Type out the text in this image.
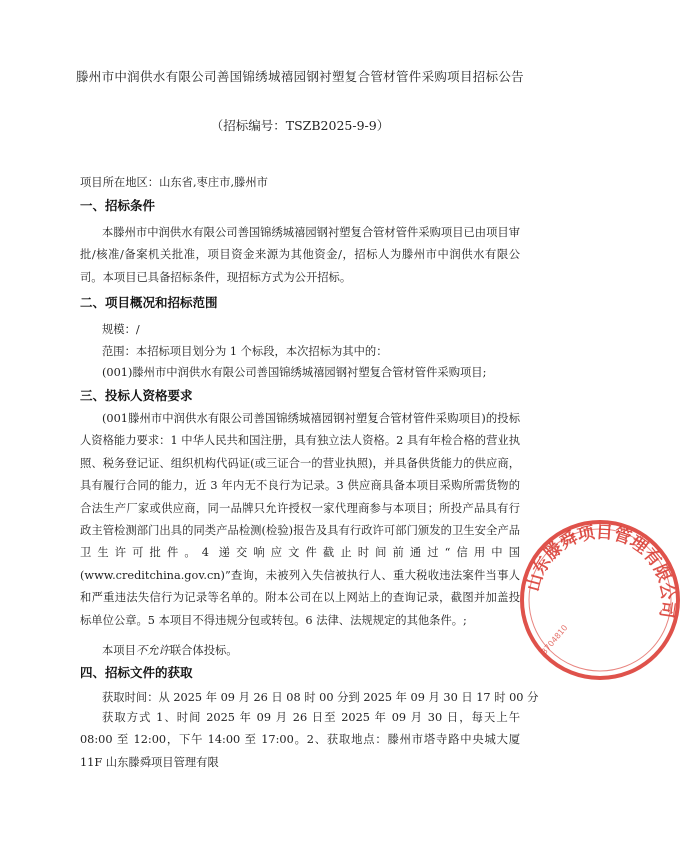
滕州市中润供水有限公司善国锦绣城禧园钢衬塑复合管材管件采购项目招标公告
（招标编号：TSZB2025-9-9）
项目所在地区：山东省,枣庄市,滕州市
一、招标条件
本滕州市中润供水有限公司善国锦绣城禧园钢衬塑复合管材管件采购项目已由项目审批/核准/备案机关批准，项目资金来源为其他资金/，招标人为滕州市中润供水有限公司。本项目已具备招标条件，现招标方式为公开招标。
二、项目概况和招标范围
规模：/
范围：本招标项目划分为 1 个标段，本次招标为其中的：
(001)滕州市中润供水有限公司善国锦绣城禧园钢衬塑复合管材管件采购项目;
三、投标人资格要求
(001滕州市中润供水有限公司善国锦绣城禧园钢衬塑复合管材管件采购项目)的投标人资格能力要求：1 中华人民共和国注册，具有独立法人资格。2 具有年检合格的营业执照、税务登记证、组织机构代码证(或三证合一的营业执照)，并具备供货能力的供应商，具有履行合同的能力，近 3 年内无不良行为记录。3 供应商具备本项目采购所需货物的合法生产厂家或供应商，同一品牌只允许授权一家代理商参与本项目；所投产品具有行政主管检测部门出具的同类产品检测(检验)报告及具有行政许可部门颁发的卫生安全产品卫生许可批件。4 递交响应文件截止时间前通过“信用中国(www.creditchina.gov.cn)”查询，未被列入失信被执行人、重大税收违法案件当事人和严重违法失信行为记录等名单的。附本公司在以上网站上的查询记录，截图并加盖投标单位公章。5 本项目不得违规分包或转包。6 法律、法规规定的其他条件。;
本项目不允许联合体投标。
四、招标文件的获取
获取时间：从 2025 年 09 月 26 日 08 时 00 分到 2025 年 09 月 30 日 17 时 00 分
获取方式 1、时间 2025 年 09 月 26 日至 2025 年 09 月 30 日，每天上午 08:00 至 12:00，下午 14:00 至 17:00。2、获取地点：滕州市塔寺路中央城大厦 11F 山东滕舜项目管理有限
山东滕舜项目管理有限公司
3704810
